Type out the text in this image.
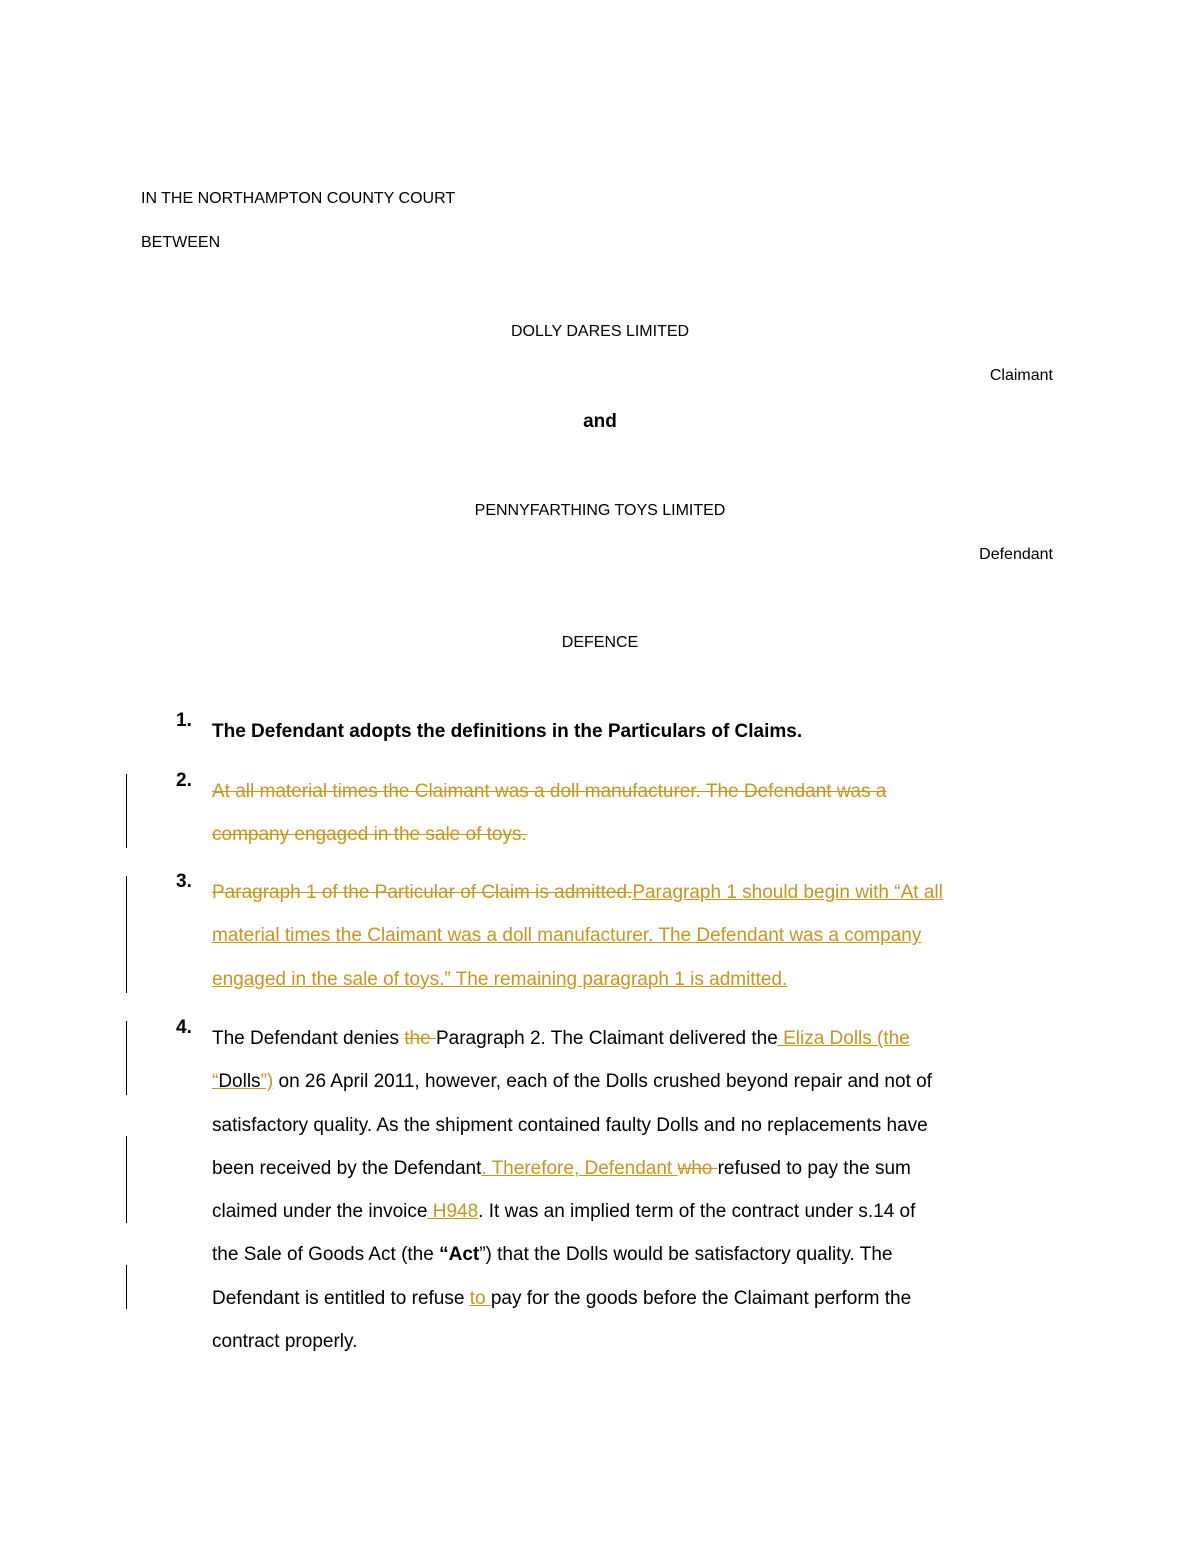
IN THE NORTHAMPTON COUNTY COURT
BETWEEN
DOLLY DARES LIMITED
Claimant
and
PENNYFARTHING TOYS LIMITED
Defendant
DEFENCE
1.
The Defendant adopts the definitions in the Particulars of Claims.
2.
At all material times the Claimant was a doll manufacturer. The Defendant was a
company engaged in the sale of toys.
3.
Paragraph 1 of the Particular of Claim is admitted.Paragraph 1 should begin with “At all
material times the Claimant was a doll manufacturer. The Defendant was a company
engaged in the sale of toys.” The remaining paragraph 1 is admitted.
4.
The Defendant denies the Paragraph 2. The Claimant delivered the Eliza Dolls (the
“Dolls”) on 26 April 2011, however, each of the Dolls crushed beyond repair and not of
satisfactory quality. As the shipment contained faulty Dolls and no replacements have
been received by the Defendant. Therefore, Defendant who refused to pay the sum
claimed under the invoice H948. It was an implied term of the contract under s.14 of
the Sale of Goods Act (the “Act”) that the Dolls would be satisfactory quality. The
Defendant is entitled to refuse to pay for the goods before the Claimant perform the
contract properly.
